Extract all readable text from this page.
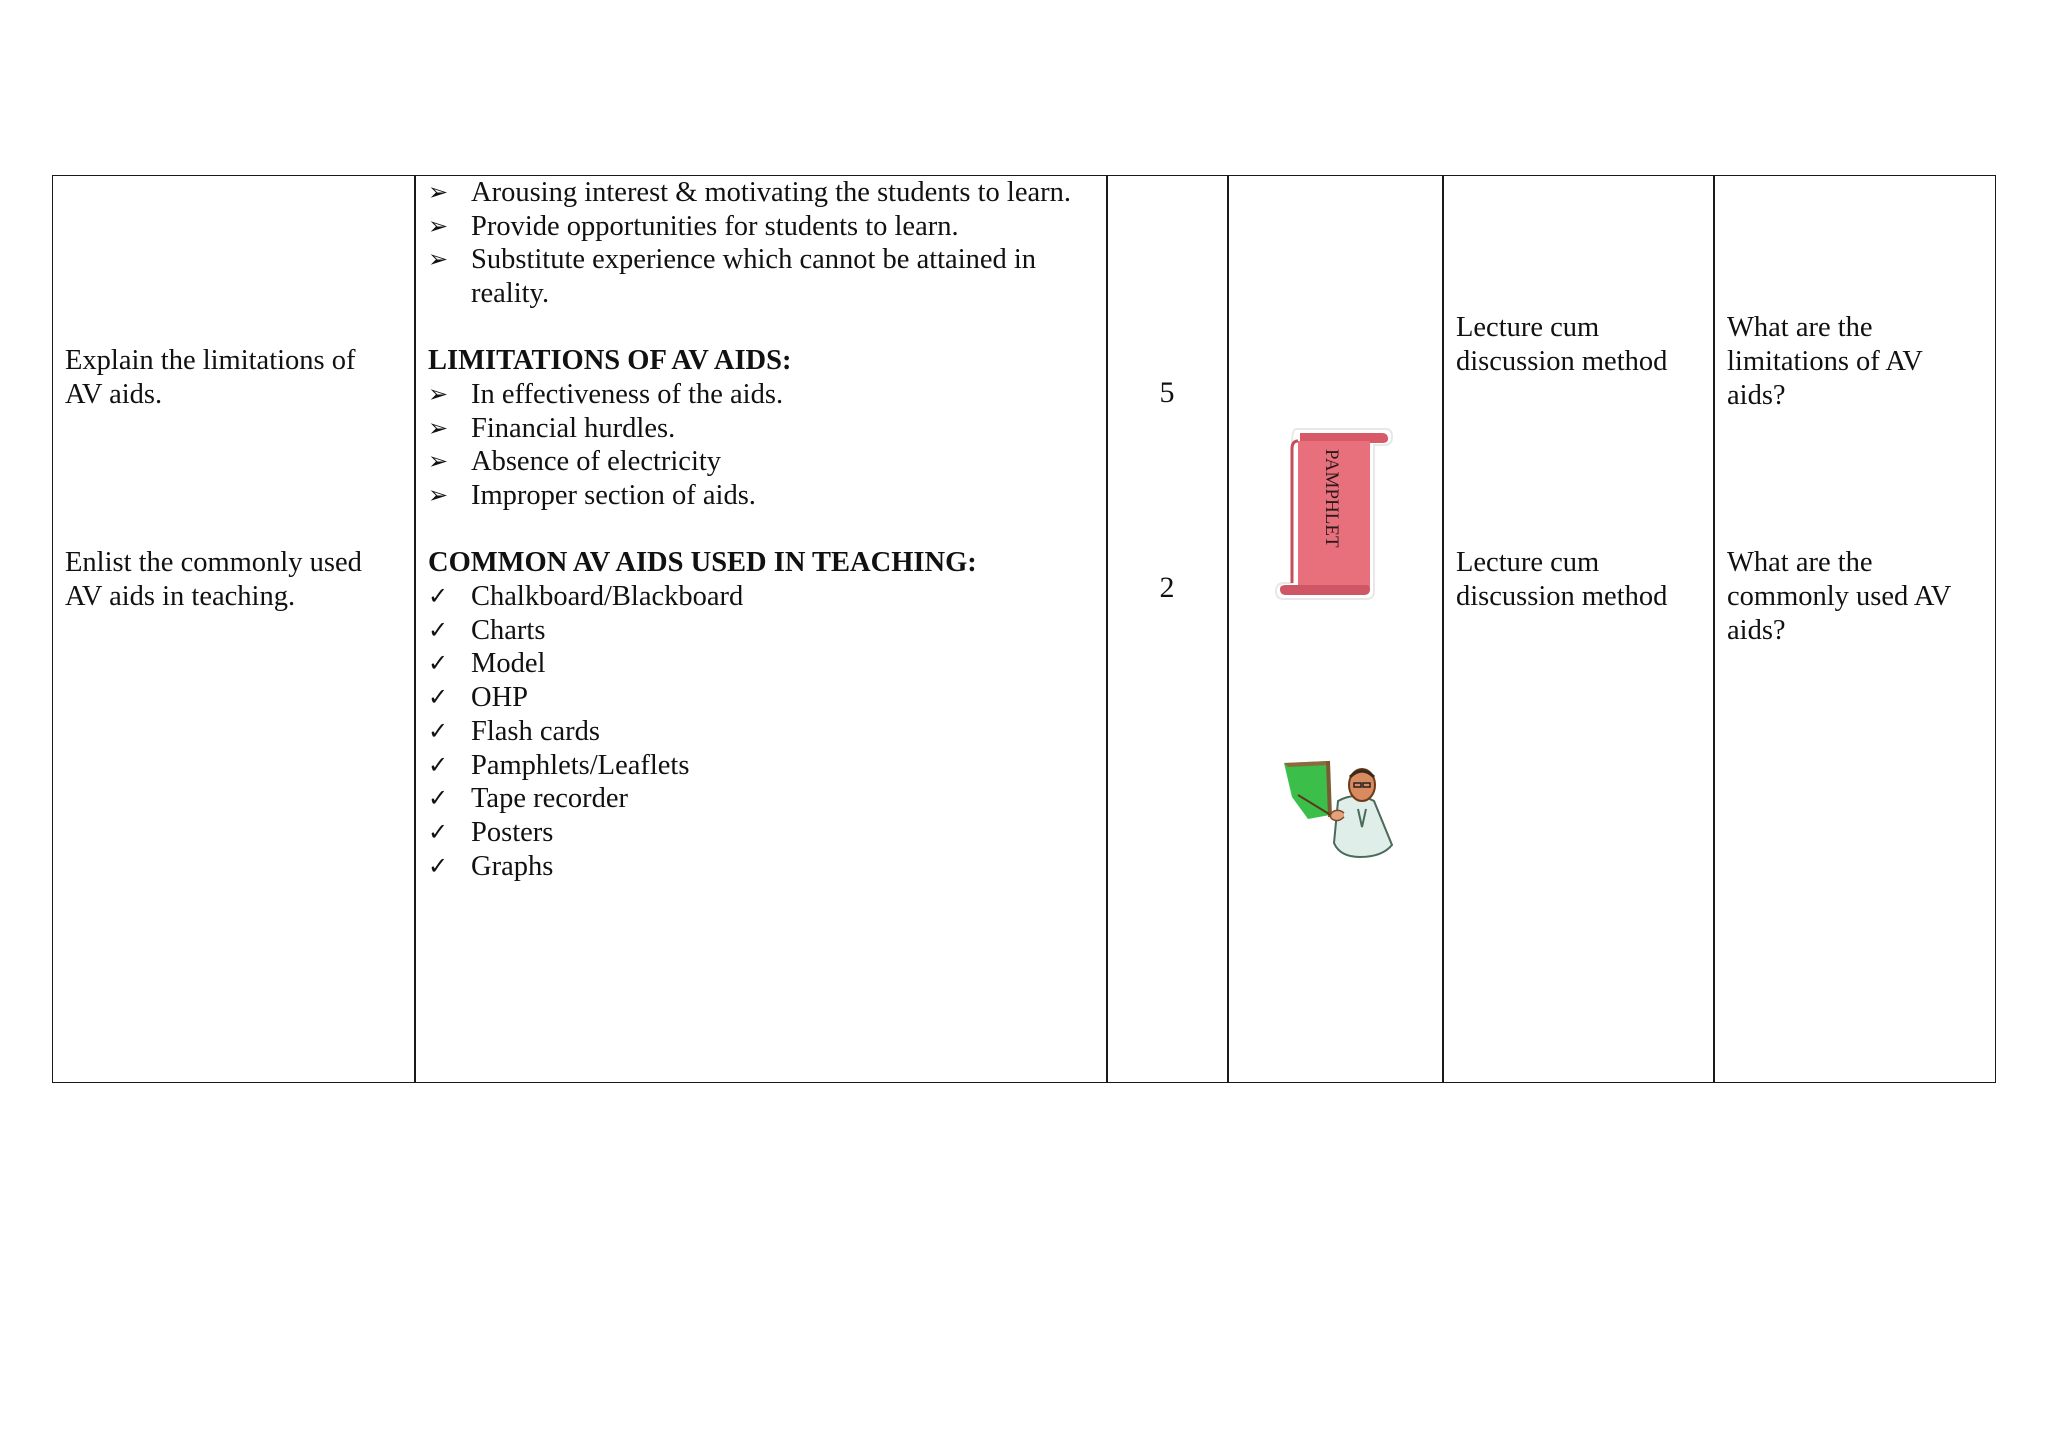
Explain the limitations of
AV aids.
Enlist the commonly used
AV aids in teaching.
➢ Arousing interest & motivating the students to learn.
➢ Provide opportunities for students to learn.
➢ Substitute experience which cannot be attained in
reality.
LIMITATIONS OF AV AIDS:
➢ In effectiveness of the aids.
➢ Financial hurdles.
➢ Absence of electricity
➢ Improper section of aids.
COMMON AV AIDS USED IN TEACHING:
✓ Chalkboard/Blackboard
✓ Charts
✓ Model
✓ OHP
✓ Flash cards
✓ Pamphlets/Leaflets
✓ Tape recorder
✓ Posters
✓ Graphs
5
2
PAMPHLET
Lecture cum
discussion method
Lecture cum
discussion method
What are the
limitations of AV
aids?
What are the
commonly used AV
aids?
